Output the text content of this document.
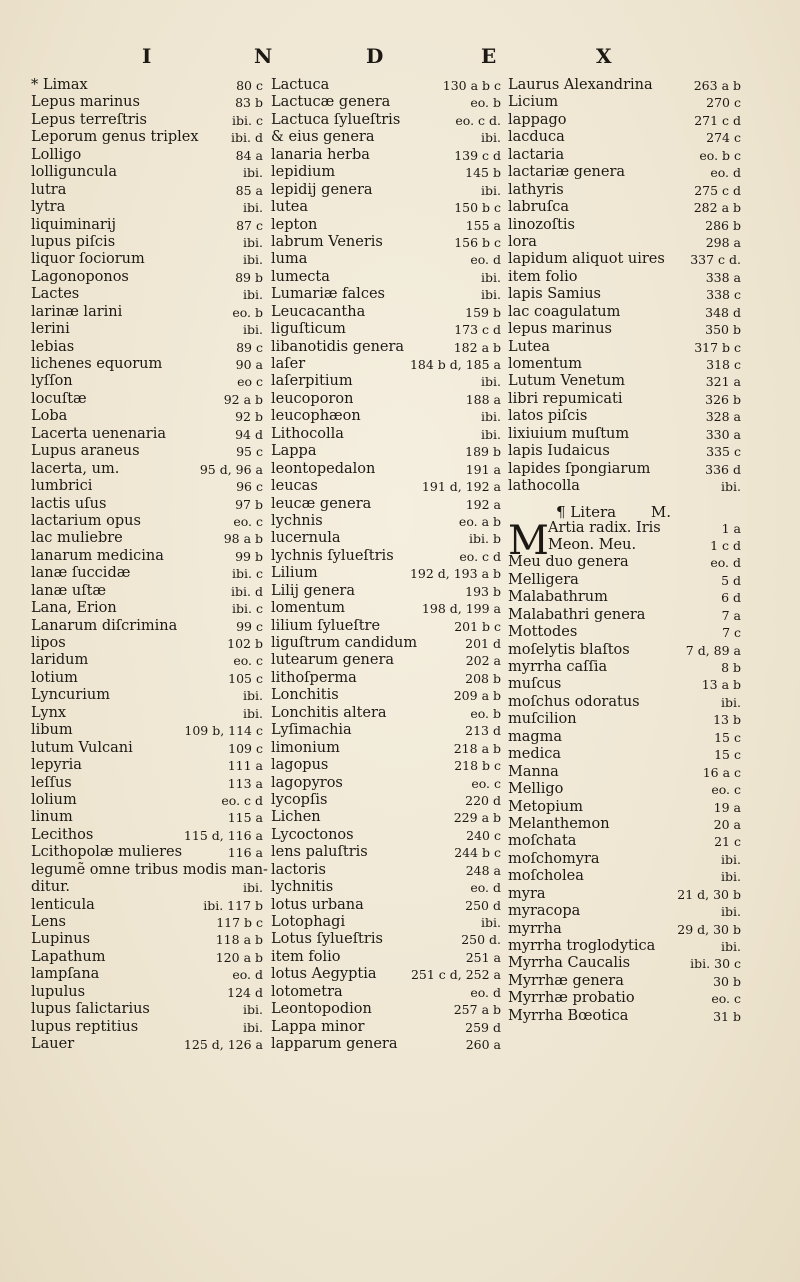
I	N	D	E	X
* Limax	80 c
Lepus marinus	83 b
Lepus terreſtris	ibi. c
Leporum genus triplex	ibi. d
Lolligo	84 a
lolliguncula	ibi.
lutra	85 a
lytra	ibi.
liquiminarij	87 c
lupus piſcis	ibi.
liquor ſociorum	ibi.
Lagonoponos	89 b
Lactes	ibi.
larinæ larini	eo. b
lerini	ibi.
lebias	89 c
lichenes equorum	90 a
lyſſon	eo c
locuſtæ	92 a b
Loba	92 b
Lacerta uenenaria	94 d
Lupus araneus	95 c
lacerta, um.	95 d, 96 a
lumbrici	96 c
lactis uſus	97 b
lactarium opus	eo. c
lac muliebre	98 a b
lanarum medicina	99 b
lanæ ſuccidæ	ibi. c
lanæ uſtæ	ibi. d
Lana, Erion	ibi. c
Lanarum diſcrimina	99 c
lipos	102 b
laridum	eo. c
lotium	105 c
Lyncurium	ibi.
Lynx	ibi.
libum	109 b, 114 c
lutum Vulcani	109 c
lepyria	111 a
leſſus	113 a
lolium	eo. c d
linum	115 a
Lecithos	115 d, 116 a
Lcithopolæ mulieres	116 a
legumẽ omne tribus modis man-
ditur.	ibi.
lenticula	ibi. 117 b
Lens	117 b c
Lupinus	118 a b
Lapathum	120 a b
lampſana	eo. d
lupulus	124 d
lupus ſalictarius	ibi.
lupus reptitius	ibi.
Lauer	125 d, 126 a
Lactuca	130 a b c
Lactucæ genera	eo. b
Lactuca ſylueſtris	eo. c d.
& eius genera	ibi.
lanaria herba	139 c d
lepidium	145 b
lepidij genera	ibi.
lutea	150 b c
lepton	155 a
labrum Veneris	156 b c
luma	eo. d
lumecta	ibi.
Lumariæ falces	ibi.
Leucacantha	159 b
liguſticum	173 c d
libanotidis genera	182 a b
laſer	184 b d, 185 a
laſerpitium	ibi.
leucoporon	188 a
leucophæon	ibi.
Lithocolla	ibi.
Lappa	189 b
leontopedalon	191 a
leucas	191 d, 192 a
leucæ genera	192 a
lychnis	eo. a b
lucernula	ibi. b
lychnis ſylueſtris	eo. c d
Lilium	192 d, 193 a b
Lilij genera	193 b
lomentum	198 d, 199 a
lilium ſylueſtre	201 b c
liguſtrum candidum	201 d
lutearum genera	202 a
lithoſperma	208 b
Lonchitis	209 a b
Lonchitis altera	eo. b
Lyſimachia	213 d
limonium	218 a b
lagopus	218 b c
lagopyros	eo. c
lycopſis	220 d
Lichen	229 a b
Lycoctonos	240 c
lens paluſtris	244 b c
lactoris	248 a
lychnitis	eo. d
lotus urbana	250 d
Lotophagi	ibi.
Lotus ſylueſtris	250 d.
item folio	251 a
lotus Aegyptia	251 c d, 252 a
lotometra	eo. d
Leontopodion	257 a b
Lappa minor	259 d
lapparum genera	260 a
Laurus Alexandrina	263 a b
Licium	270 c
lappago	271 c d
lacduca	274 c
lactaria	eo. b c
lactariæ genera	eo. d
lathyris	275 c d
labruſca	282 a b
linozoſtis	286 b
lora	298 a
lapidum aliquot uires 337 c d.
item folio	338 a
lapis Samius	338 c
lac coagulatum	348 d
lepus marinus	350 b
Lutea	317 b c
lomentum	318 c
Lutum Venetum	321 a
libri repumicati	326 b
latos piſcis	328 a
lixiuium muſtum	330 a
lapis Iudaicus	335 c
lapides ſpongiarum	336 d
lathocolla	ibi.
¶ Litera M.
M Artia radix. Iris	1 a
Meon. Meu.	1 c d
Meu duo genera	eo. d
Melligera	5 d
Malabathrum	6 d
Malabathri genera	7 a
Mottodes	7 c
moſelytis blaſtos	7 d, 89 a
myrrha caſſia	8 b
muſcus	13 a b
moſchus odoratus	ibi.
muſcilion	13 b
magma	15 c
medica	15 c
Manna	16 a c
Melligo	eo. c
Metopium	19 a
Melanthemon	20 a
moſchata	21 c
moſchomyra	ibi.
moſcholea	ibi.
myra	21 d, 30 b
myracopa	ibi.
myrrha	29 d, 30 b
myrrha troglodytica	ibi.
Myrrha Caucalis	ibi. 30 c
Myrrhæ genera	30 b
Myrrhæ probatio	eo. c
Myrrha Bœotica	31 b
